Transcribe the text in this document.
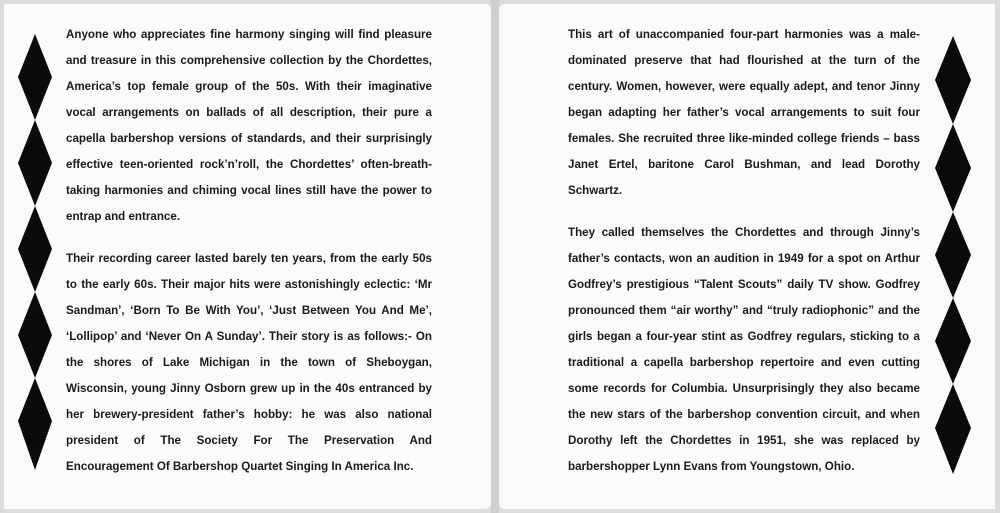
Anyone who appreciates fine harmony singing will find pleasure and treasure in this comprehensive collection by the Chordettes, America’s top female group of the 50s. With their imaginative vocal arrangements on ballads of all description, their pure a capella barbershop versions of standards, and their surprisingly effective teen-oriented rock’n’roll, the Chordettes’ often-breath-taking harmonies and chiming vocal lines still have the power to entrap and entrance.

Their recording career lasted barely ten years, from the early 50s to the early 60s. Their major hits were astonishingly eclectic: ‘Mr Sandman’, ‘Born To Be With You’, ‘Just Between You And Me’, ‘Lollipop’ and ‘Never On A Sunday’. Their story is as follows:- On the shores of Lake Michigan in the town of Sheboygan, Wisconsin, young Jinny Osborn grew up in the 40s entranced by her brewery-president father’s hobby: he was also national president of The Society For The Preservation And Encouragement Of Barbershop Quartet Singing In America Inc.

This art of unaccompanied four-part harmonies was a male-dominated preserve that had flourished at the turn of the century. Women, however, were equally adept, and tenor Jinny began adapting her father’s vocal arrangements to suit four females. She recruited three like-minded college friends – bass Janet Ertel, baritone Carol Bushman, and lead Dorothy Schwartz.

They called themselves the Chordettes and through Jinny’s father’s contacts, won an audition in 1949 for a spot on Arthur Godfrey’s prestigious “Talent Scouts” daily TV show. Godfrey pronounced them “air worthy” and “truly radiophonic” and the girls began a four-year stint as Godfrey regulars, sticking to a traditional a capella barbershop repertoire and even cutting some records for Columbia. Unsurprisingly they also became the new stars of the barbershop convention circuit, and when Dorothy left the Chordettes in 1951, she was replaced by barbershopper Lynn Evans from Youngstown, Ohio.
